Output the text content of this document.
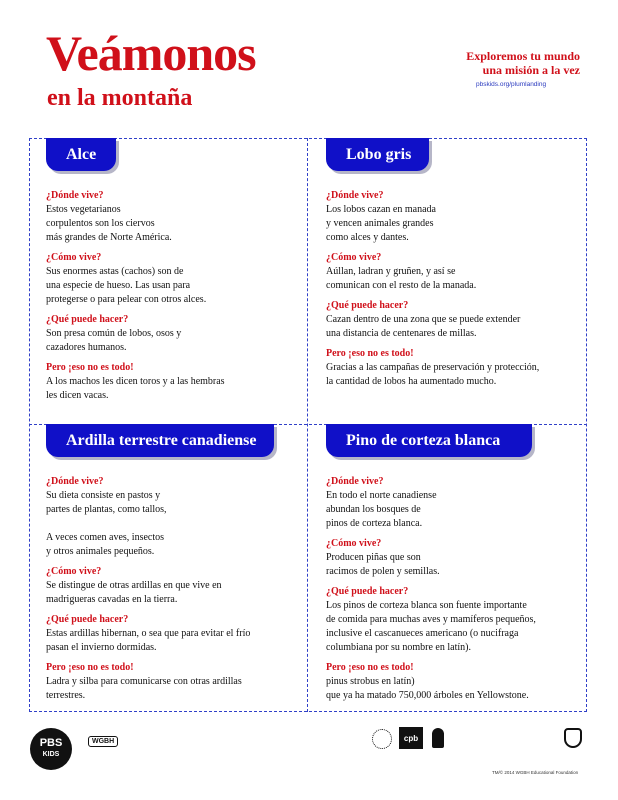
Veámonos
en la montaña
Exploremos tu mundo
una misión a la vez
pbskids.org/plumlanding
Alce
¿Dónde vive?
Estos vegetarianos
corpulentos son los ciervos
más grandes de Norte América.
¿Cómo vive?
Sus enormes astas (cachos) son de
una especie de hueso. Las usan para
protegerse o para pelear con otros alces.
¿Qué puede hacer?
Son presa común de lobos, osos y
cazadores humanos.
Pero ¡eso no es todo!
A los machos les dicen toros y a las hembras
les dicen vacas.
Lobo gris
¿Dónde vive?
Los lobos cazan en manada
y vencen animales grandes
como alces y dantes.
¿Cómo vive?
Aúllan, ladran y gruñen, y así se
comunican con el resto de la manada.
¿Qué puede hacer?
Cazan dentro de una zona que se puede extender
una distancia de centenares de millas.
Pero ¡eso no es todo!
Gracias a las campañas de preservación y protección,
la cantidad de lobos ha aumentado mucho.
Ardilla terrestre canadiense
¿Dónde vive?
Su dieta consiste en pastos y
partes de plantas, como tallos,

A veces comen aves, insectos
y otros animales pequeños.
¿Cómo vive?
Se distingue de otras ardillas en que vive en
madrigueras cavadas en la tierra.
¿Qué puede hacer?
Estas ardillas hibernan, o sea que para evitar el frío
pasan el invierno dormidas.
Pero ¡eso no es todo!
Ladra y silba para comunicarse con otras ardillas
terrestres.
Pino de corteza blanca
¿Dónde vive?
En todo el norte canadiense
abundan los bosques de
pinos de corteza blanca.
¿Cómo vive?
Producen piñas que son
racimos de polen y semillas.
¿Qué puede hacer?
Los pinos de corteza blanca son fuente importante
de comida para muchas aves y mamíferos pequeños,
inclusive el cascanueces americano (o nucifraga
columbiana por su nombre en latín).
Pero ¡eso no es todo!
pinus strobus en latín)
que ya ha matado 750,000 árboles en Yellowstone.
PBS
KIDS
WGBH	cpb
TM/© 2014 WGBH Educational Foundation
